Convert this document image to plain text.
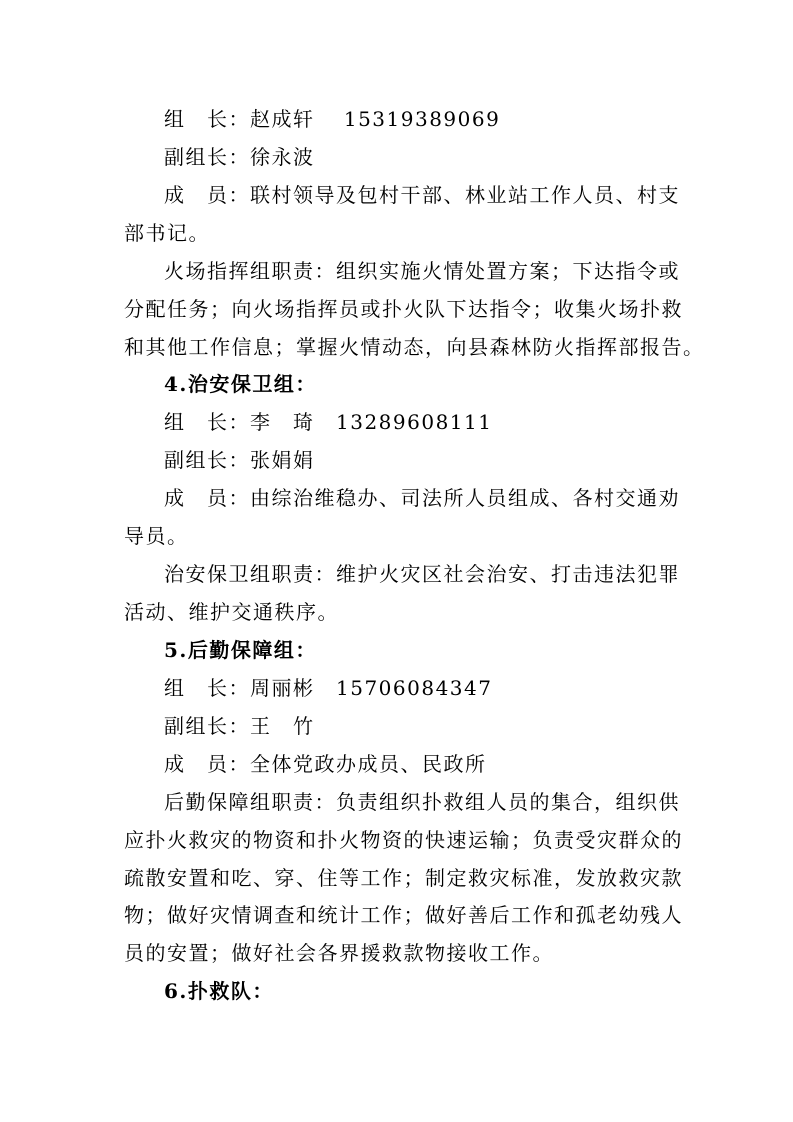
组　长：赵成轩　 15319389069
副组长：徐永波
成　员：联村领导及包村干部、林业站工作人员、村支
部书记。
火场指挥组职责：组织实施火情处置方案；下达指令或
分配任务；向火场指挥员或扑火队下达指令；收集火场扑救
和其他工作信息；掌握火情动态，向县森林防火指挥部报告。
4.治安保卫组：
组　长：李　琦　13289608111
副组长：张娟娟
成　员：由综治维稳办、司法所人员组成、各村交通劝
导员。
治安保卫组职责：维护火灾区社会治安、打击违法犯罪
活动、维护交通秩序。
5.后勤保障组：
组　长：周丽彬　15706084347
副组长：王　竹
成　员：全体党政办成员、民政所
后勤保障组职责：负责组织扑救组人员的集合，组织供
应扑火救灾的物资和扑火物资的快速运输；负责受灾群众的
疏散安置和吃、穿、住等工作；制定救灾标准，发放救灾款
物；做好灾情调查和统计工作；做好善后工作和孤老幼残人
员的安置；做好社会各界援救款物接收工作。
6.扑救队：
